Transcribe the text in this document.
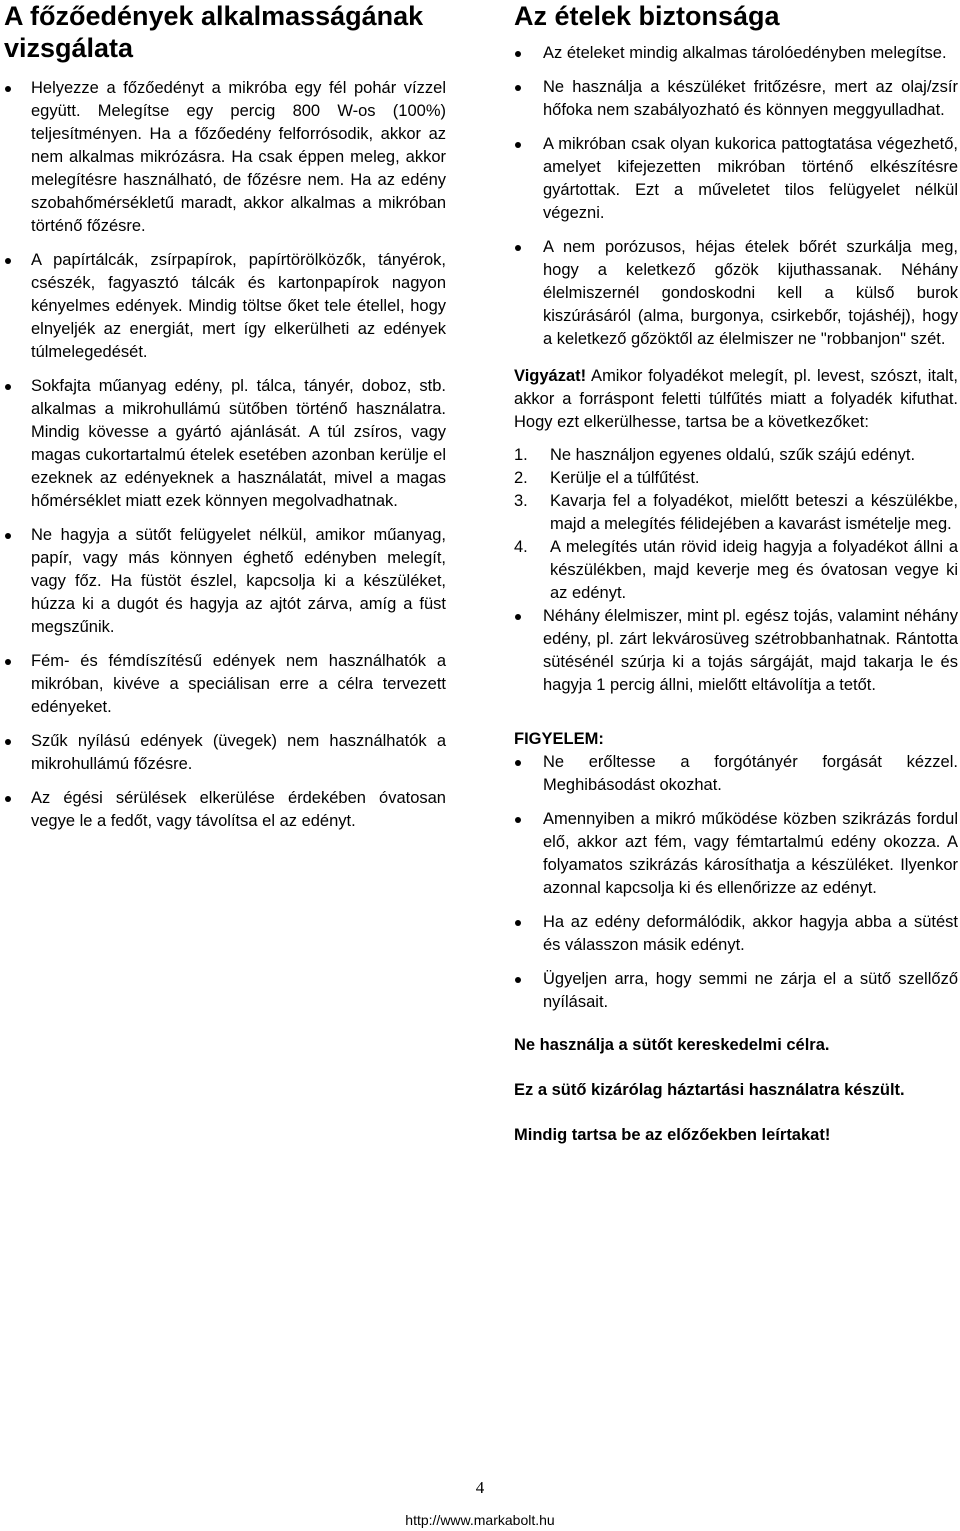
A főzőedények alkalmasságának vizsgálata
Helyezze a főzőedényt a mikróba egy fél pohár vízzel együtt. Melegítse egy percig 800 W-os (100%) teljesítményen. Ha a főzőedény felforrósodik, akkor az nem alkalmas mikrózásra. Ha csak éppen meleg, akkor melegítésre használható, de főzésre nem. Ha az edény szobahőmérsékletű maradt, akkor alkalmas a mikróban történő főzésre.
A papírtálcák, zsírpapírok, papírtörölközők, tányérok, csészék, fagyasztó tálcák és kartonpapírok nagyon kényelmes edények. Mindig töltse őket tele étellel, hogy elnyeljék az energiát, mert így elkerülheti az edények túlmelegedését.
Sokfajta műanyag edény, pl. tálca, tányér, doboz, stb. alkalmas a mikrohullámú sütőben történő használatra. Mindig kövesse a gyártó ajánlását. A túl zsíros, vagy magas cukortartalmú ételek esetében azonban kerülje el ezeknek az edényeknek a használatát, mivel a magas hőmérséklet miatt ezek könnyen megolvadhatnak.
Ne hagyja a sütőt felügyelet nélkül, amikor műanyag, papír, vagy más könnyen éghető edényben melegít, vagy főz. Ha füstöt észlel, kapcsolja ki a készüléket, húzza ki a dugót és hagyja az ajtót zárva, amíg a füst megszűnik.
Fém- és fémdíszítésű edények nem használhatók a mikróban, kivéve a speciálisan erre a célra tervezett edényeket.
Szűk nyílású edények (üvegek) nem használhatók a mikrohullámú főzésre.
Az égési sérülések elkerülése érdekében óvatosan vegye le a fedőt, vagy távolítsa el az edényt.
Az ételek biztonsága
Az ételeket mindig alkalmas tárolóedényben melegítse.
Ne használja a készüléket fritőzésre, mert az olaj/zsír hőfoka nem szabályozható és könnyen meggyulladhat.
A mikróban csak olyan kukorica pattogtatása végezhető, amelyet kifejezetten mikróban történő elkészítésre gyártottak. Ezt a műveletet tilos felügyelet nélkül végezni.
A nem porózusos, héjas ételek bőrét szurkálja meg, hogy a keletkező gőzök kijuthassanak. Néhány élelmiszernél gondoskodni kell a külső burok kiszúrásáról (alma, burgonya, csirkebőr, tojáshéj), hogy a keletkező gőzöktől az élelmiszer ne "robbanjon" szét.

Vigyázat! Amikor folyadékot melegít, pl. levest, szószt, italt, akkor a forráspont feletti túlfűtés miatt a folyadék kifuthat. Hogy ezt elkerülhesse, tartsa be a következőket:

1. Ne használjon egyenes oldalú, szűk szájú edényt.
2. Kerülje el a túlfűtést.
3. Kavarja fel a folyadékot, mielőtt beteszi a készülékbe, majd a melegítés félidejében a kavarást ismételje meg.
4. A melegítés után rövid ideig hagyja a folyadékot állni a készülékben, majd keverje meg és óvatosan vegye ki az edényt.
Néhány élelmiszer, mint pl. egész tojás, valamint néhány edény, pl. zárt lekvárosüveg szétrobbanhatnak. Rántotta sütésénél szúrja ki a tojás sárgáját, majd takarja le és hagyja 1 percig állni, mielőtt eltávolítja a tetőt.
FIGYELEM:
Ne erőltesse a forgótányér forgását kézzel. Meghibásodást okozhat.
Amennyiben a mikró működése közben szikrázás fordul elő, akkor azt fém, vagy fémtartalmú edény okozza. A folyamatos szikrázás károsíthatja a készüléket. Ilyenkor azonnal kapcsolja ki és ellenőrizze az edényt.
Ha az edény deformálódik, akkor hagyja abba a sütést és válasszon másik edényt.
Ügyeljen arra, hogy semmi ne zárja el a sütő szellőző nyílásait.

Ne használja a sütőt kereskedelmi célra.

Ez a sütő kizárólag háztartási használatra készült.

Mindig tartsa be az előzőekben leírtakat!

4
http://www.markabolt.hu
